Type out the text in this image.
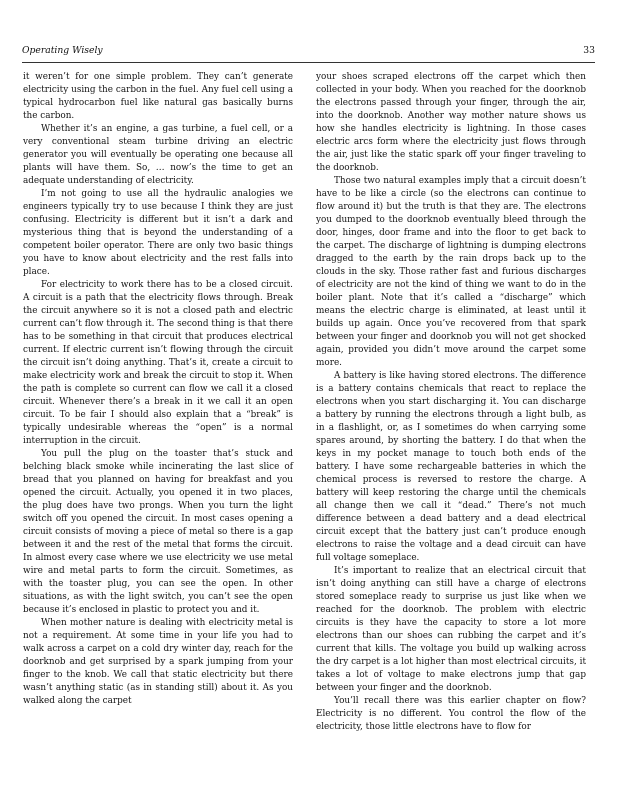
Operating Wisely	33

it weren’t for one simple problem. They can’t generate electricity using the carbon in the fuel. Any fuel cell using a typical hydrocarbon fuel like natural gas basically burns the carbon.

Whether it’s an engine, a gas turbine, a fuel cell, or a very conventional steam turbine driving an electric generator you will eventually be operating one because all plants will have them. So, … now’s the time to get an adequate understanding of electricity.

I’m not going to use all the hydraulic analogies we engineers typically try to use because I think they are just confusing. Electricity is different but it isn’t a dark and mysterious thing that is beyond the understanding of a competent boiler operator. There are only two basic things you have to know about electricity and the rest falls into place.

For electricity to work there has to be a closed circuit. A circuit is a path that the electricity flows through. Break the circuit anywhere so it is not a closed path and electric current can’t flow through it. The second thing is that there has to be something in that circuit that produces electrical current. If electric current isn’t flowing through the circuit the circuit isn’t doing anything. That’s it, create a circuit to make electricity work and break the circuit to stop it. When the path is complete so current can flow we call it a closed circuit. Whenever there’s a break in it we call it an open circuit. To be fair I should also explain that a “break” is typically undesirable whereas the “open” is a normal interruption in the circuit.

You pull the plug on the toaster that’s stuck and belching black smoke while incinerating the last slice of bread that you planned on having for breakfast and you opened the circuit. Actually, you opened it in two places, the plug does have two prongs. When you turn the light switch off you opened the circuit. In most cases opening a circuit consists of moving a piece of metal so there is a gap between it and the rest of the metal that forms the circuit. In almost every case where we use electricity we use metal wire and metal parts to form the circuit. Sometimes, as with the toaster plug, you can see the open. In other situations, as with the light switch, you can’t see the open because it’s enclosed in plastic to protect you and it.

When mother nature is dealing with electricity metal is not a requirement. At some time in your life you had to walk across a carpet on a cold dry winter day, reach for the doorknob and get surprised by a spark jumping from your finger to the knob. We call that static electricity but there wasn’t anything static (as in standing still) about it. As you walked along the carpet

your shoes scraped electrons off the carpet which then collected in your body. When you reached for the doorknob the electrons passed through your finger, through the air, into the doorknob. Another way mother nature shows us how she handles electricity is lightning. In those cases electric arcs form where the electricity just flows through the air, just like the static spark off your finger traveling to the doorknob.

Those two natural examples imply that a circuit doesn’t have to be like a circle (so the electrons can continue to flow around it) but the truth is that they are. The electrons you dumped to the doorknob eventually bleed through the door, hinges, door frame and into the floor to get back to the carpet. The discharge of lightning is dumping electrons dragged to the earth by the rain drops back up to the clouds in the sky. Those rather fast and furious discharges of electricity are not the kind of thing we want to do in the boiler plant. Note that it’s called a “discharge” which means the electric charge is eliminated, at least until it builds up again. Once you’ve recovered from that spark between your finger and doorknob you will not get shocked again, provided you didn’t move around the carpet some more.

A battery is like having stored electrons. The difference is a battery contains chemicals that react to replace the electrons when you start discharging it. You can discharge a battery by running the electrons through a light bulb, as in a flashlight, or, as I sometimes do when carrying some spares around, by shorting the battery. I do that when the keys in my pocket manage to touch both ends of the battery. I have some rechargeable batteries in which the chemical process is reversed to restore the charge. A battery will keep restoring the charge until the chemicals all change then we call it “dead.” There’s not much difference between a dead battery and a dead electrical circuit except that the battery just can’t produce enough electrons to raise the voltage and a dead circuit can have full voltage someplace.

It’s important to realize that an electrical circuit that isn’t doing anything can still have a charge of electrons stored someplace ready to surprise us just like when we reached for the doorknob. The problem with electric circuits is they have the capacity to store a lot more electrons than our shoes can rubbing the carpet and it’s current that kills. The voltage you build up walking across the dry carpet is a lot higher than most electrical circuits, it takes a lot of voltage to make electrons jump that gap between your finger and the doorknob.

You’ll recall there was this earlier chapter on flow? Electricity is no different. You control the flow of the electricity, those little electrons have to flow for
